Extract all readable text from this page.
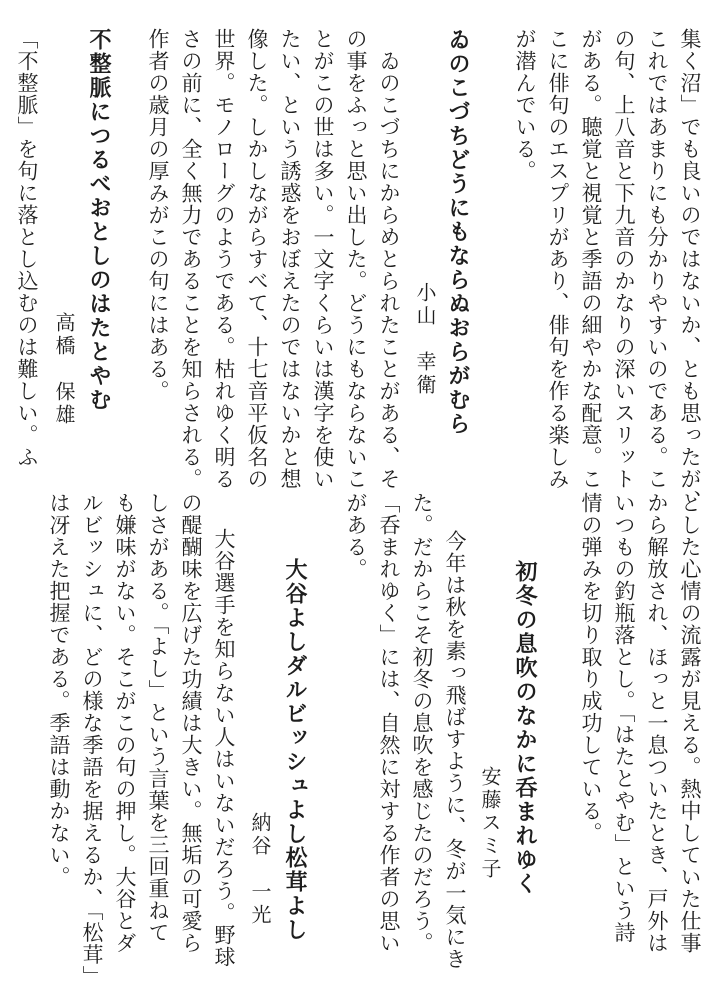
集く沼」でも良いのではないか、とも思ったが、
これではあまりにも分かりやすいのである。こ
の句、上八音と下九音のかなりの深いスリット
がある。聴覚と視覚と季語の細やかな配意。こ
こに俳句のエスプリがあり、俳句を作る楽しみ
が潜んでいる。
ゐのこづちどうにもならぬおらがむら
小山　幸衛
　ゐのこづちにからめとられたことがある、そ
の事をふっと思い出した。どうにもならないこ
とがこの世は多い。一文字くらいは漢字を使い
たい、という誘惑をおぼえたのではないかと想
像した。しかしながらすべて、十七音平仮名の
世界。モノローグのようである。枯れゆく明る
さの前に、全く無力であることを知らされる。
作者の歳月の厚みがこの句にはある。
不整脈につるべおとしのはたとやむ
高橋　保雄
「不整脈」を句に落とし込むのは難しい。ふ
とした心情の流露が見える。熱中していた仕事
から解放され、ほっと一息ついたとき、戸外は
いつもの釣瓶落とし。「はたとやむ」という詩
情の弾みを切り取り成功している。
初冬の息吹のなかに呑まれゆく
安藤スミ子
今年は秋を素っ飛ばすように、冬が一気にき
た。だからこそ初冬の息吹を感じたのだろう。
「呑まれゆく」には、自然に対する作者の思い
がある。
大谷よしダルビッシュよし松茸よし
納谷　一光
大谷選手を知らない人はいないだろう。野球
の醍醐味を広げた功績は大きい。無垢の可愛ら
しさがある。「よし」という言葉を三回重ねて
も嫌味がない。そこがこの句の押し。大谷とダ
ルビッシュに、どの様な季語を据えるか、「松茸」
は冴えた把握である。季語は動かない。
